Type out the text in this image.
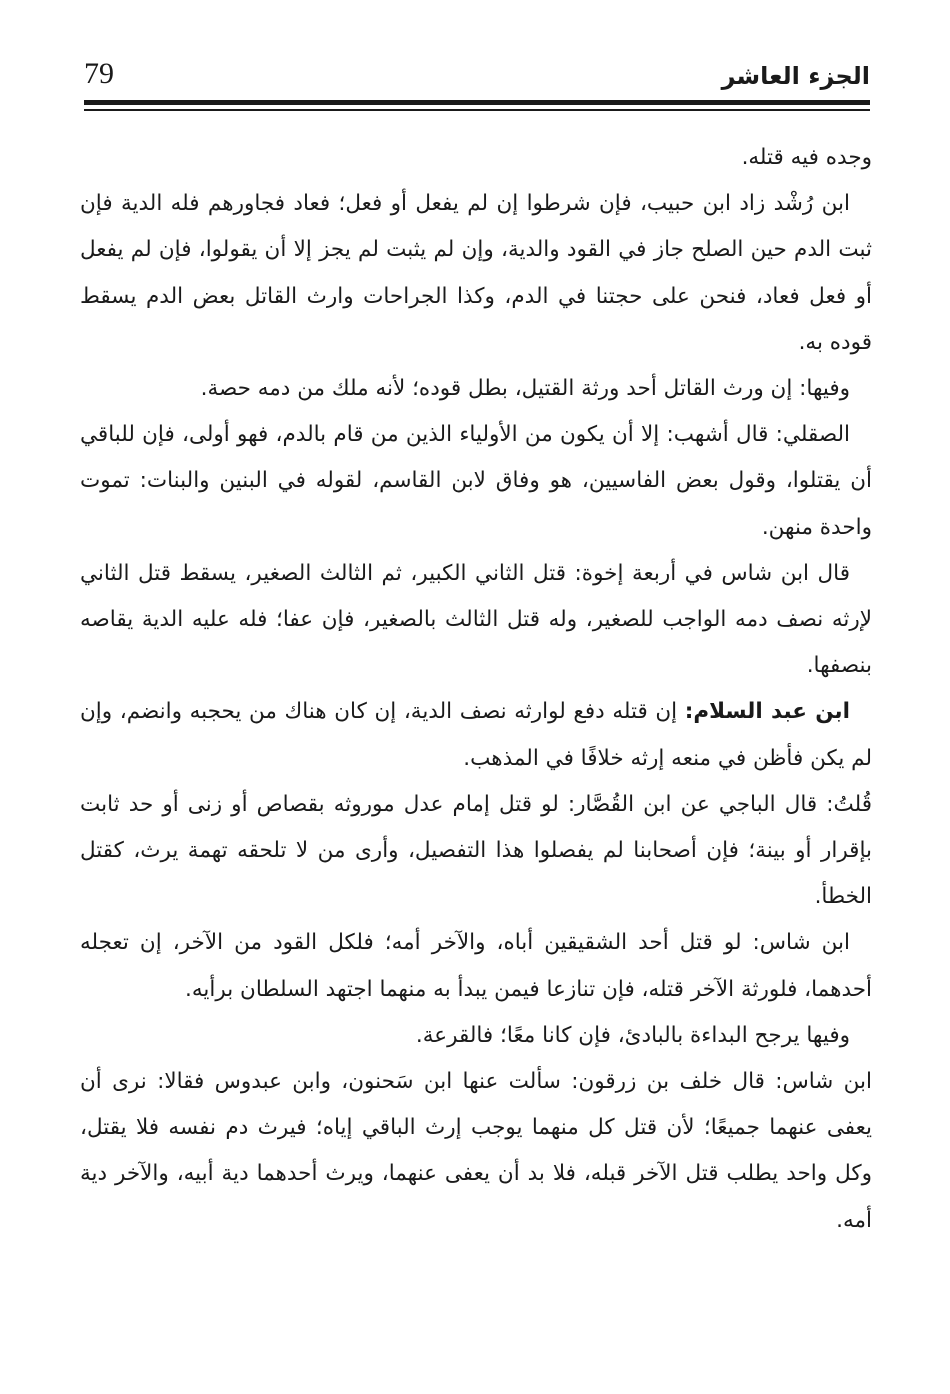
79	الجزء العاشر

وجده فيه قتله.

ابن رُشْد زاد ابن حبيب، فإن شرطوا إن لم يفعل أو فعل؛ فعاد فجاورهم فله الدية فإن ثبت الدم حين الصلح جاز في القود والدية، وإن لم يثبت لم يجز إلا أن يقولوا، فإن لم يفعل أو فعل فعاد، فنحن على حجتنا في الدم، وكذا الجراحات وارث القاتل بعض الدم يسقط قوده به.

وفيها: إن ورث القاتل أحد ورثة القتيل، بطل قوده؛ لأنه ملك من دمه حصة.

الصقلي: قال أشهب: إلا أن يكون من الأولياء الذين من قام بالدم، فهو أولى، فإن للباقي أن يقتلوا، وقول بعض الفاسيين، هو وفاق لابن القاسم، لقوله في البنين والبنات: تموت واحدة منهن.

قال ابن شاس في أربعة إخوة: قتل الثاني الكبير، ثم الثالث الصغير، يسقط قتل الثاني لإرثه نصف دمه الواجب للصغير، وله قتل الثالث بالصغير، فإن عفا؛ فله عليه الدية يقاصه بنصفها.

ابن عبد السلام: إن قتله دفع لوارثه نصف الدية، إن كان هناك من يحجبه وانضم، وإن لم يكن فأظن في منعه إرثه خلافًا في المذهب.

قُلتُ: قال الباجي عن ابن القُصَّار: لو قتل إمام عدل موروثه بقصاص أو زنى أو حد ثابت بإقرار أو بينة؛ فإن أصحابنا لم يفصلوا هذا التفصيل، وأرى من لا تلحقه تهمة يرث، كقتل الخطأ.

ابن شاس: لو قتل أحد الشقيقين أباه، والآخر أمه؛ فلكل القود من الآخر، إن تعجله أحدهما، فلورثة الآخر قتله، فإن تنازعا فيمن يبدأ به منهما اجتهد السلطان برأيه.

وفيها يرجح البداءة بالبادئ، فإن كانا معًا؛ فالقرعة.

ابن شاس: قال خلف بن زرقون: سألت عنها ابن سَحنون، وابن عبدوس فقالا: نرى أن يعفى عنهما جميعًا؛ لأن قتل كل منهما يوجب إرث الباقي إياه؛ فيرث دم نفسه فلا يقتل، وكل واحد يطلب قتل الآخر قبله، فلا بد أن يعفى عنهما، ويرث أحدهما دية أبيه، والآخر دية أمه.
